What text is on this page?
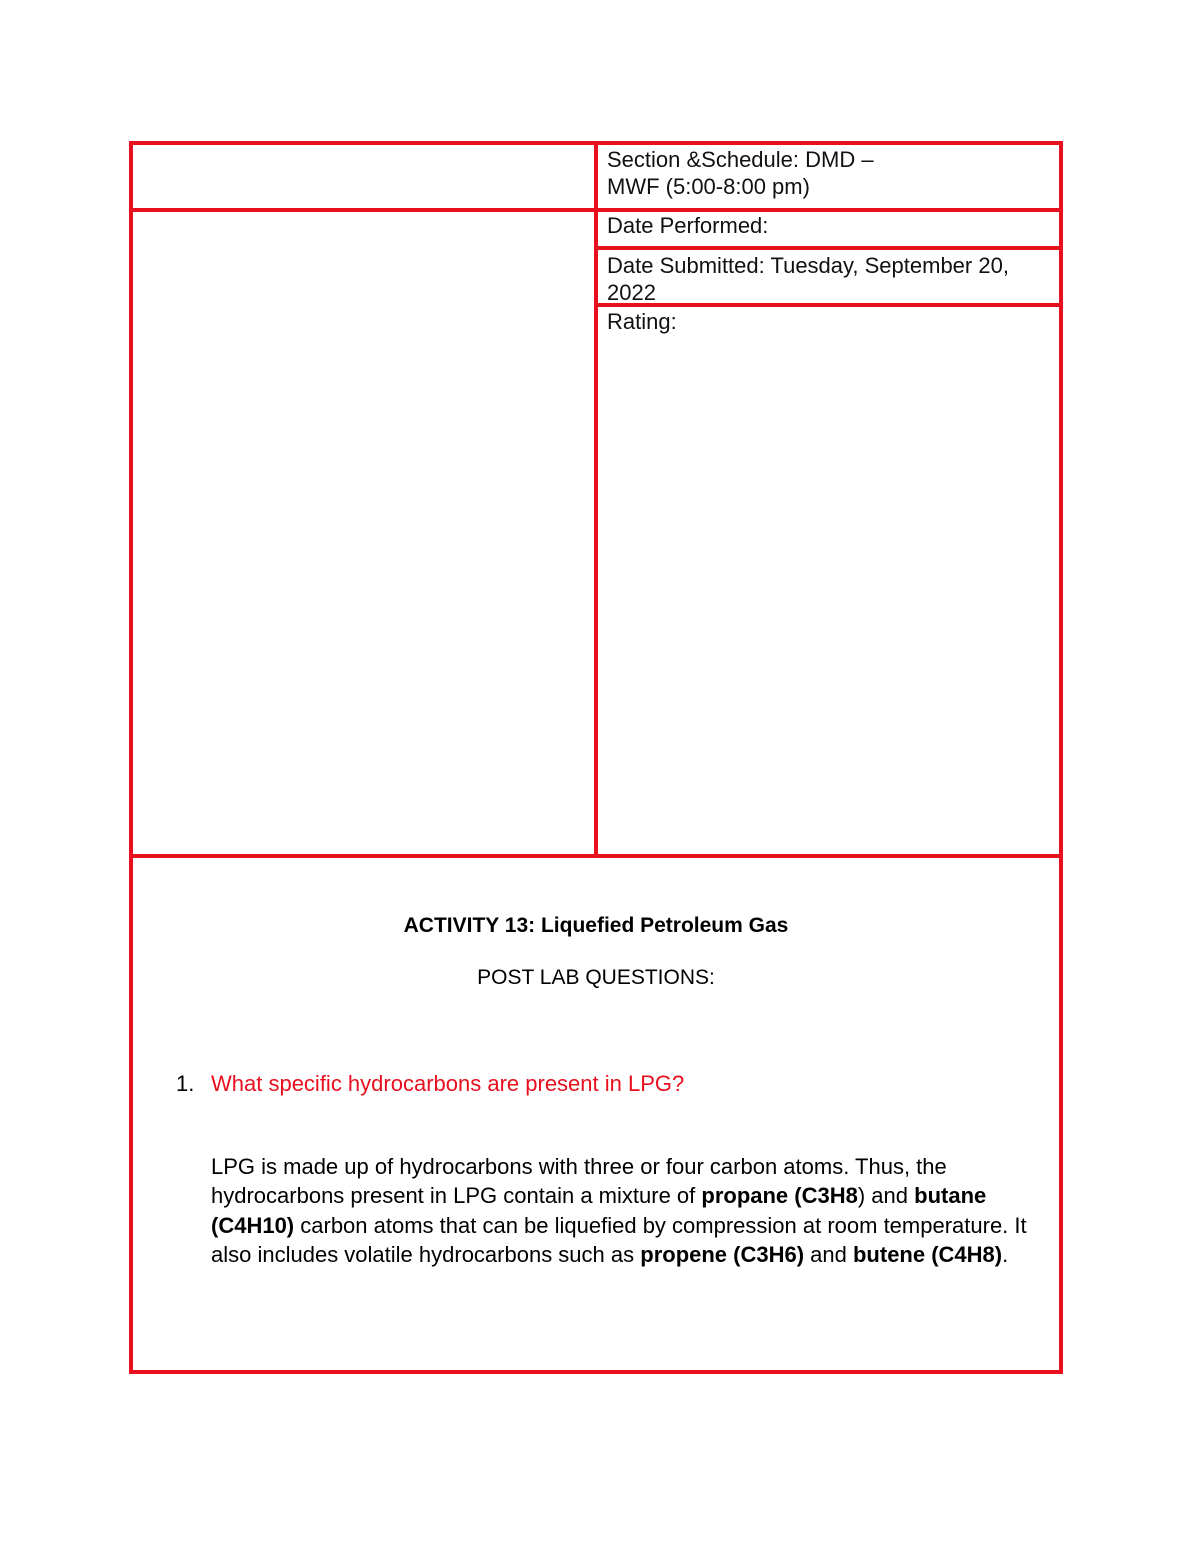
Section &Schedule: DMD –
MWF (5:00-8:00 pm)
Date Performed:
Date Submitted: Tuesday, September 20,
2022
Rating:
ACTIVITY 13: Liquefied Petroleum Gas
POST LAB QUESTIONS:
1. What specific hydrocarbons are present in LPG?
LPG is made up of hydrocarbons with three or four carbon atoms. Thus, the hydrocarbons present in LPG contain a mixture of propane (C3H8) and butane (C4H10) carbon atoms that can be liquefied by compression at room temperature. It also includes volatile hydrocarbons such as propene (C3H6) and butene (C4H8).
